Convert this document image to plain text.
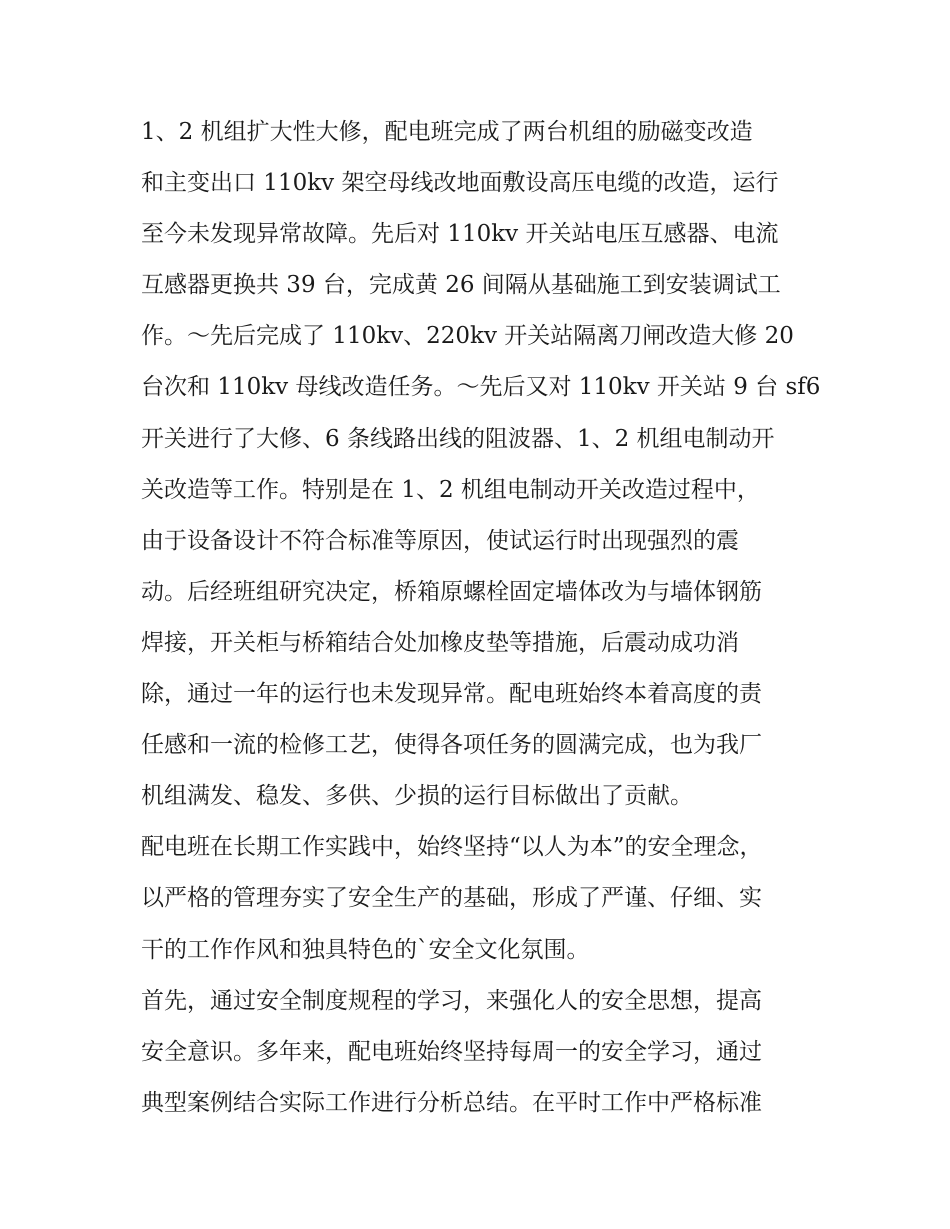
1、2 机组扩大性大修，配电班完成了两台机组的励磁变改造
和主变出口 110kv 架空母线改地面敷设高压电缆的改造，运行
至今未发现异常故障。先后对 110kv 开关站电压互感器、电流
互感器更换共 39 台，完成黄 26 间隔从基础施工到安装调试工
作。～先后完成了 110kv、220kv 开关站隔离刀闸改造大修 20
台次和 110kv 母线改造任务。～先后又对 110kv 开关站 9 台 sf6
开关进行了大修、6 条线路出线的阻波器、1、2 机组电制动开
关改造等工作。特别是在 1、2 机组电制动开关改造过程中，
由于设备设计不符合标准等原因，使试运行时出现强烈的震
动。后经班组研究决定，桥箱原螺栓固定墙体改为与墙体钢筋
焊接，开关柜与桥箱结合处加橡皮垫等措施，后震动成功消
除，通过一年的运行也未发现异常。配电班始终本着高度的责
任感和一流的检修工艺，使得各项任务的圆满完成，也为我厂
机组满发、稳发、多供、少损的运行目标做出了贡献。
配电班在长期工作实践中，始终坚持“以人为本”的安全理念，
以严格的管理夯实了安全生产的基础，形成了严谨、仔细、实
干的工作作风和独具特色的`安全文化氛围。
首先，通过安全制度规程的学习，来强化人的安全思想，提高
安全意识。多年来，配电班始终坚持每周一的安全学习，通过
典型案例结合实际工作进行分析总结。在平时工作中严格标准
